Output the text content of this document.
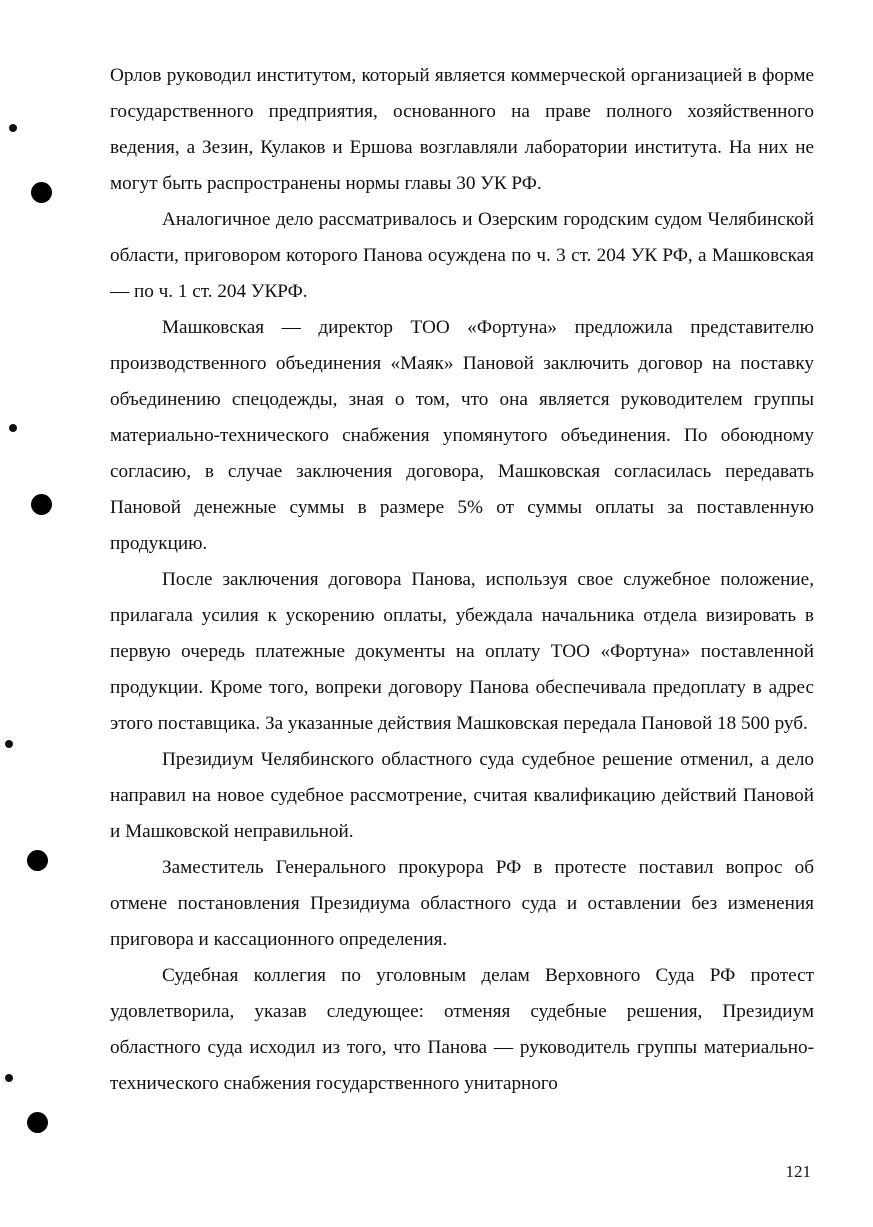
Орлов руководил институтом, который является коммерческой организацией в форме государственного предприятия, основанного на праве полного хозяйственного ведения, а Зезин, Кулаков и Ершова возглавляли лаборатории института. На них не могут быть распространены нормы главы 30 УК РФ.

Аналогичное дело рассматривалось и Озерским городским судом Челябинской области, приговором которого Панова осуждена по ч. 3 ст. 204 УК РФ, а Машковская — по ч. 1 ст. 204 УКРФ.

Машковская — директор ТОО «Фортуна» предложила представителю производственного объединения «Маяк» Пановой заключить договор на поставку объединению спецодежды, зная о том, что она является руководителем группы материально-технического снабжения упомянутого объединения. По обоюдному согласию, в случае заключения договора, Машковская согласилась передавать Пановой денежные суммы в размере 5% от суммы оплаты за поставленную продукцию.

После заключения договора Панова, используя свое служебное положение, прилагала усилия к ускорению оплаты, убеждала начальника отдела визировать в первую очередь платежные документы на оплату ТОО «Фортуна» поставленной продукции. Кроме того, вопреки договору Панова обеспечивала предоплату в адрес этого поставщика. За указанные действия Машковская передала Пановой 18 500 руб.

Президиум Челябинского областного суда судебное решение отменил, а дело направил на новое судебное рассмотрение, считая квалификацию действий Пановой и Машковской неправильной.

Заместитель Генерального прокурора РФ в протесте поставил вопрос об отмене постановления Президиума областного суда и оставлении без изменения приговора и кассационного определения.

Судебная коллегия по уголовным делам Верховного Суда РФ протест удовлетворила, указав следующее: отменяя судебные решения, Президиум областного суда исходил из того, что Панова — руководитель группы материально-технического снабжения государственного унитарного

121
